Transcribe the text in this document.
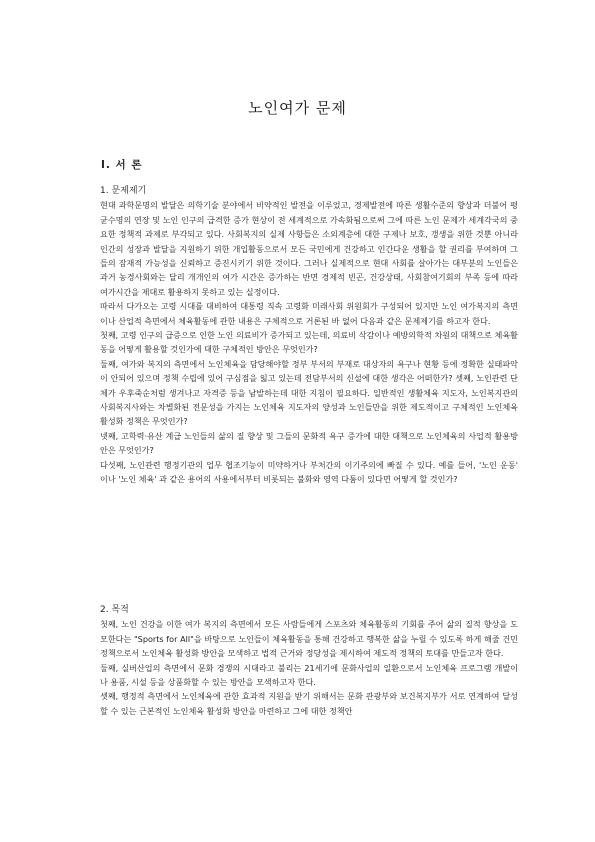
노인여가 문제
Ⅰ. 서 론
1. 문제제기

현대 과학문명의 발달은 의학기술 분야에서 비약적인 발전을 이루었고, 경제발전에 따른 생활수준의 향상과 더불어 평균수명의 연장 및 노인 인구의 급격한 증가 현상이 전 세계적으로 가속화됨으로써 그에 따른 노인 문제가 세계각국의 중요한 정책적 과제로 부각되고 있다. 사회복지의 실제 사항들은 소외계층에 대한 구제나 보호, 갱생을 위한 것뿐 아니라 인간의 성장과 발달을 지원하기 위한 개입활동으로서 모든 국민에게 건강하고 인간다운 생활을 할 권리를 부여하며 그들의 잠재적 가능성을 신뢰하고 증진시키기 위한 것이다. 그러나 실제적으로 현대 사회를 살아가는 대부분의 노인들은 과거 농경사회와는 달리 개개인의 여가 시간은 증가하는 반면 경제적 빈곤, 건강상태, 사회참여기회의 부족 등에 따라 여가시간을 제대로 활용하지 못하고 있는 실정이다.

따라서 다가오는 고령 시대를 대비하여 대통령 직속 고령화 미래사회 위원회가 구성되어 있지만 노인 여가복지의 측면이나 산업적 측면에서 체육활동에 관한 내용은 구체적으로 거론된 바 없어 다음과 같은 문제제기를 하고자 한다.

첫째, 고령 인구의 급증으로 인한 노인 의료비가 증가되고 있는데, 의료비 삭감이나 예방의학적 차원의 대책으로 체육활동을 어떻게 활용할 것인가에 대한 구체적인 방안은 무엇인가?

둘째, 여가와 복지의 측면에서 노인체육을 담당해야할 정부 부서의 부재로 대상자의 욕구나 현황 등에 정확한 실태파악이 안되어 있으며 정책 수립에 있어 구심점을 잃고 있는데 전담부서의 신설에 대한 생각은 어떠한가? 셋째, 노인관련 단체가 우후죽순처럼 생겨나고 자격증 등을 남발하는데 대한 지침이 필요하다. 일반적인 생활체육 지도자, 노인복지관의 사회복지사와는 차별화된 전문성을 가지는 노인체육 지도자의 양성과 노인들만을 위한 제도적이고 구체적인 노인체육 활성화 정책은 무엇인가?

넷째, 고학력·유산 계급 노인들의 삶의 질 향상 및 그들의 문화적 욕구 증가에 대한 대책으로 노인체육의 사업적 활용방안은 무엇인가?

다섯째, 노인관련 행정기관의 업무 협조기능이 미약하거나 부처간의 이기주의에 빠질 수 있다. 예를 들어, '노인 운동' 이나 '노인 체육' 과 같은 용어의 사용에서부터 비롯되는 불화와 영역 다툼이 있다면 어떻게 할 것인가?

2. 목적

첫째, 노인 건강을 이한 여가 복지의 측면에서 모든 사람들에게 스포츠와 체육활동의 기회를 주어 삶의 질적 향상을 도모한다는 "Sports for All"을 바탕으로 노인들이 체육활동을 통해 건강하고 행복한 삶을 누릴 수 있도록 하게 해줄 건민 정책으로서 노인체육 활성화 방안을 모색하고 법적 근거와 정당성을 제시하여 제도적 정책의 토대를 만들고자 한다.

둘째, 실버산업의 측면에서 문화 경쟁의 시대라고 불리는 21세기에 문화사업의 일환으로서 노인체육 프로그램 개발이나 용품, 시설 등을 상품화할 수 있는 방안을 모색하고자 한다.

셋째, 행정적 측면에서 노인체육에 관한 효과적 지원을 받기 위해서는 문화 관광부와 보건복지부가 서로 연계하여 달성할 수 있는 근본적인 노인체육 활성화 방안을 마련하고 그에 대한 정책안
